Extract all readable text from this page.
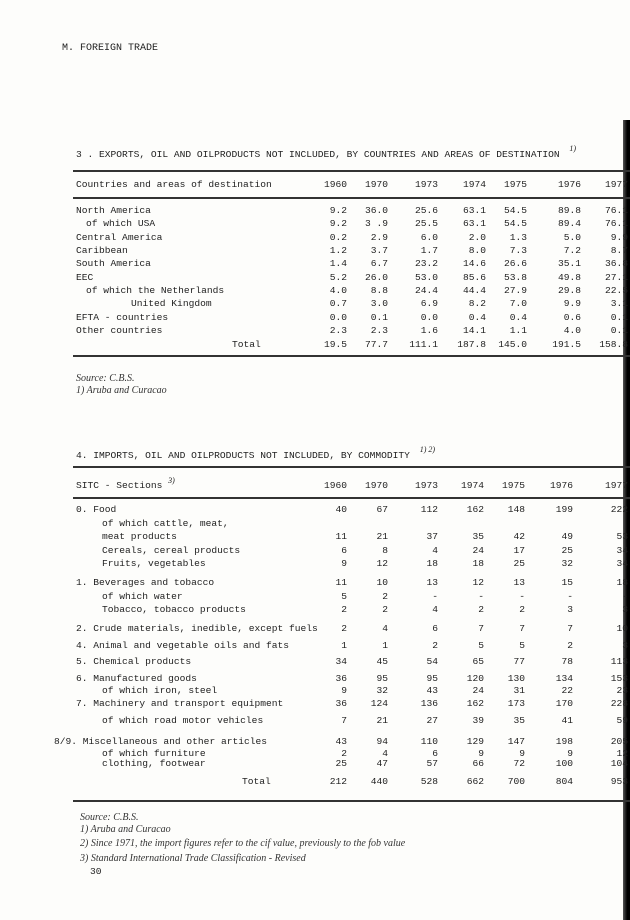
M. FOREIGN TRADE
3 . EXPORTS, OIL AND OILPRODUCTS NOT INCLUDED, BY COUNTRIES AND AREAS OF DESTINATION $^{1)}$
Countries and areas of destination	1960	1970	1973	1974	1975	1976	1977
North America	9.2	36.0	25.6	63.1	54.5	89.8	76.1
of which USA	9.2	3 .9	25.5	63.1	54.5	89.4	76.1
Central America	0.2	2.9	6.0	2.0	1.3	5.0	9.9
Caribbean	1.2	3.7	1.7	8.0	7.3	7.2	8.7
South America	1.4	6.7	23.2	14.6	26.6	35.1	36.8
EEC	5.2	26.0	53.0	85.6	53.8	49.8	27.1
of which the Netherlands	4.0	8.8	24.4	44.4	27.9	29.8	22.5
United Kingdom	0.7	3.0	6.9	8.2	7.0	9.9	3.1
EFTA - countries	0.0	0.1	0.0	0.4	0.4	0.6	0.1
Other countries	2.3	2.3	1.6	14.1	1.1	4.0	0.1
Total	19.5	77.7	111.1	187.8	145.0	191.5	158.8
Source: C.B.S.
1) Aruba and Curacao
4. IMPORTS, OIL AND OILPRODUCTS NOT INCLUDED, BY COMMODITY $^{1) 2)}$
SITC - Sections $^{3)}$	1960	1970	1973	1974	1975	1976	1977
0. Food	40	67	112	162	148	199	222
of which cattle, meat,
meat products	11	21	37	35	42	49	53
Cereals, cereal products	6	8	4	24	17	25	34
Fruits, vegetables	9	12	18	18	25	32	34
1. Beverages and tobacco	11	10	13	12	13	15	18
of which water	5	2	-	-	-	-	-
Tobacco, tobacco products	2	2	4	2	2	3	3
2. Crude materials, inedible, except fuels	2	4	6	7	7	7	10
4. Animal and vegetable oils and fats	1	1	2	5	5	2	3
5. Chemical products	34	45	54	65	77	78	113
6. Manufactured goods	36	95	95	120	130	134	153
of which iron, steel	9	32	43	24	31	22	23
7. Machinery and transport equipment	36	124	136	162	173	170	228
of which road motor vehicles	7	21	27	39	35	41	59
8/9. Miscellaneous and other articles	43	94	110	129	147	198	205
of which furniture	2	4	6	9	9	9	12
clothing, footwear	25	47	57	66	72	100	104
Total	212	440	528	662	700	804	953
Source: C.B.S.
1) Aruba and Curacao
2) Since 1971, the import figures refer to the cif value, previously to the fob value
3) Standard International Trade Classification - Revised
30
